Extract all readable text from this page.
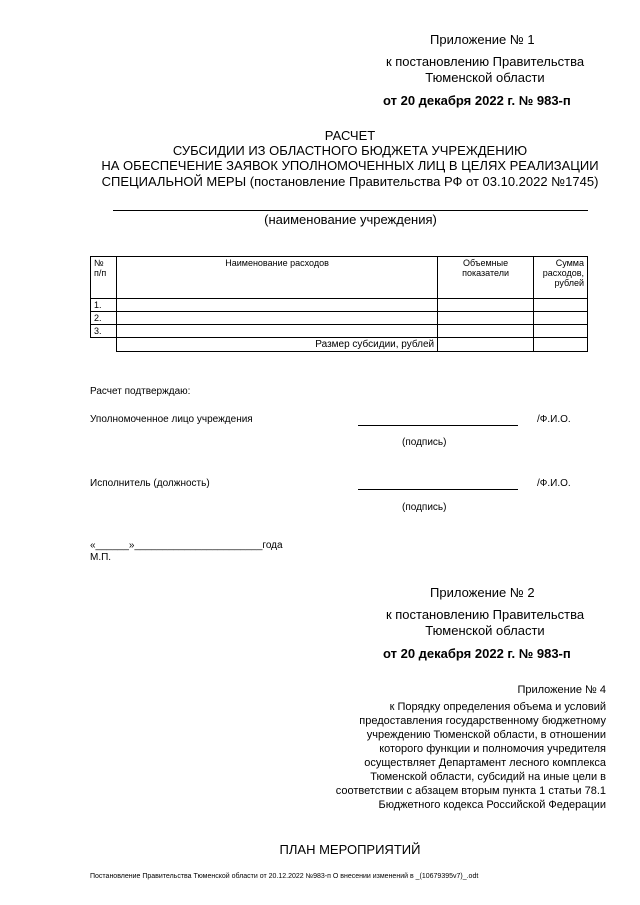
Приложение № 1
к постановлению Правительства
Тюменской области
от 20 декабря 2022 г. № 983-п
РАСЧЕТ
СУБСИДИИ ИЗ ОБЛАСТНОГО БЮДЖЕТА УЧРЕЖДЕНИЮ
НА ОБЕСПЕЧЕНИЕ ЗАЯВОК УПОЛНОМОЧЕННЫХ ЛИЦ В ЦЕЛЯХ РЕАЛИЗАЦИИ
СПЕЦИАЛЬНОЙ МЕРЫ (постановление Правительства РФ от 03.10.2022 №1745)
(наименование учреждения)
№ п/п	Наименование расходов	Объемные показатели	Сумма расходов, рублей
1.			
2.			
3.			
	Размер субсидии, рублей		
Расчет подтверждаю:
Уполномоченное лицо учреждения	/Ф.И.О.
(подпись)
Исполнитель (должность)	/Ф.И.О.
(подпись)
«______»_______________________года
М.П.
Приложение № 2
к постановлению Правительства
Тюменской области
от 20 декабря 2022 г. № 983-п
Приложение № 4
к Порядку определения объема и условий
предоставления государственному бюджетному
учреждению Тюменской области, в отношении
которого функции и полномочия учредителя
осуществляет Департамент лесного комплекса
Тюменской области, субсидий на иные цели в
соответствии с абзацем вторым пункта 1 статьи 78.1
Бюджетного кодекса Российской Федерации
ПЛАН МЕРОПРИЯТИЙ
Постановление Правительства Тюменской области от 20.12.2022 №983-п О внесении изменений в _(10679395v7)_.odt
